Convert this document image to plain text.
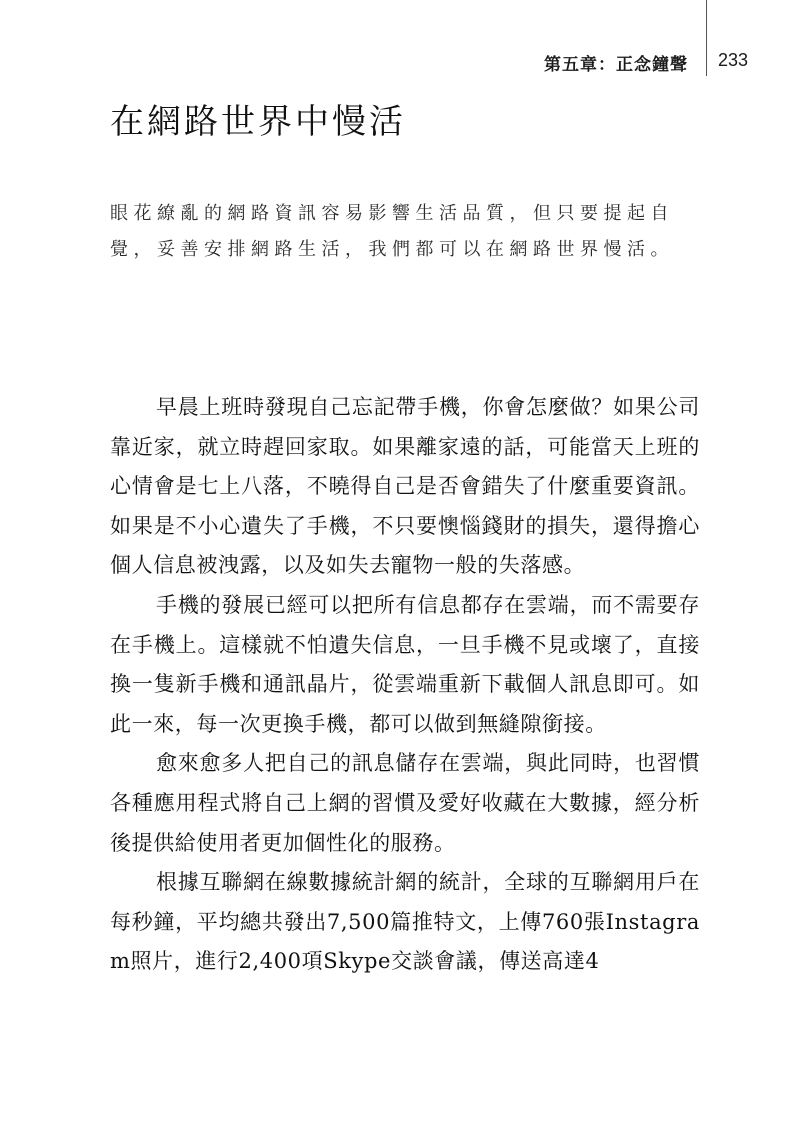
第五章：正念鐘聲 233
在網路世界中慢活

眼花繚亂的網路資訊容易影響生活品質，但只要提起自覺，妥善安排網路生活，我們都可以在網路世界慢活。

早晨上班時發現自己忘記帶手機，你會怎麼做？如果公司靠近家，就立時趕回家取。如果離家遠的話，可能當天上班的心情會是七上八落，不曉得自己是否會錯失了什麼重要資訊。如果是不小心遺失了手機，不只要懊惱錢財的損失，還得擔心個人信息被洩露，以及如失去寵物一般的失落感。

手機的發展已經可以把所有信息都存在雲端，而不需要存在手機上。這樣就不怕遺失信息，一旦手機不見或壞了，直接換一隻新手機和通訊晶片，從雲端重新下載個人訊息即可。如此一來，每一次更換手機，都可以做到無縫隙銜接。

愈來愈多人把自己的訊息儲存在雲端，與此同時，也習慣各種應用程式將自己上網的習慣及愛好收藏在大數據，經分析後提供給使用者更加個性化的服務。

根據互聯網在線數據統計網的統計，全球的互聯網用戶在每秒鐘，平均總共發出7,500篇推特文，上傳760張Instagram照片，進行2,400項Skype交談會議，傳送高達4
